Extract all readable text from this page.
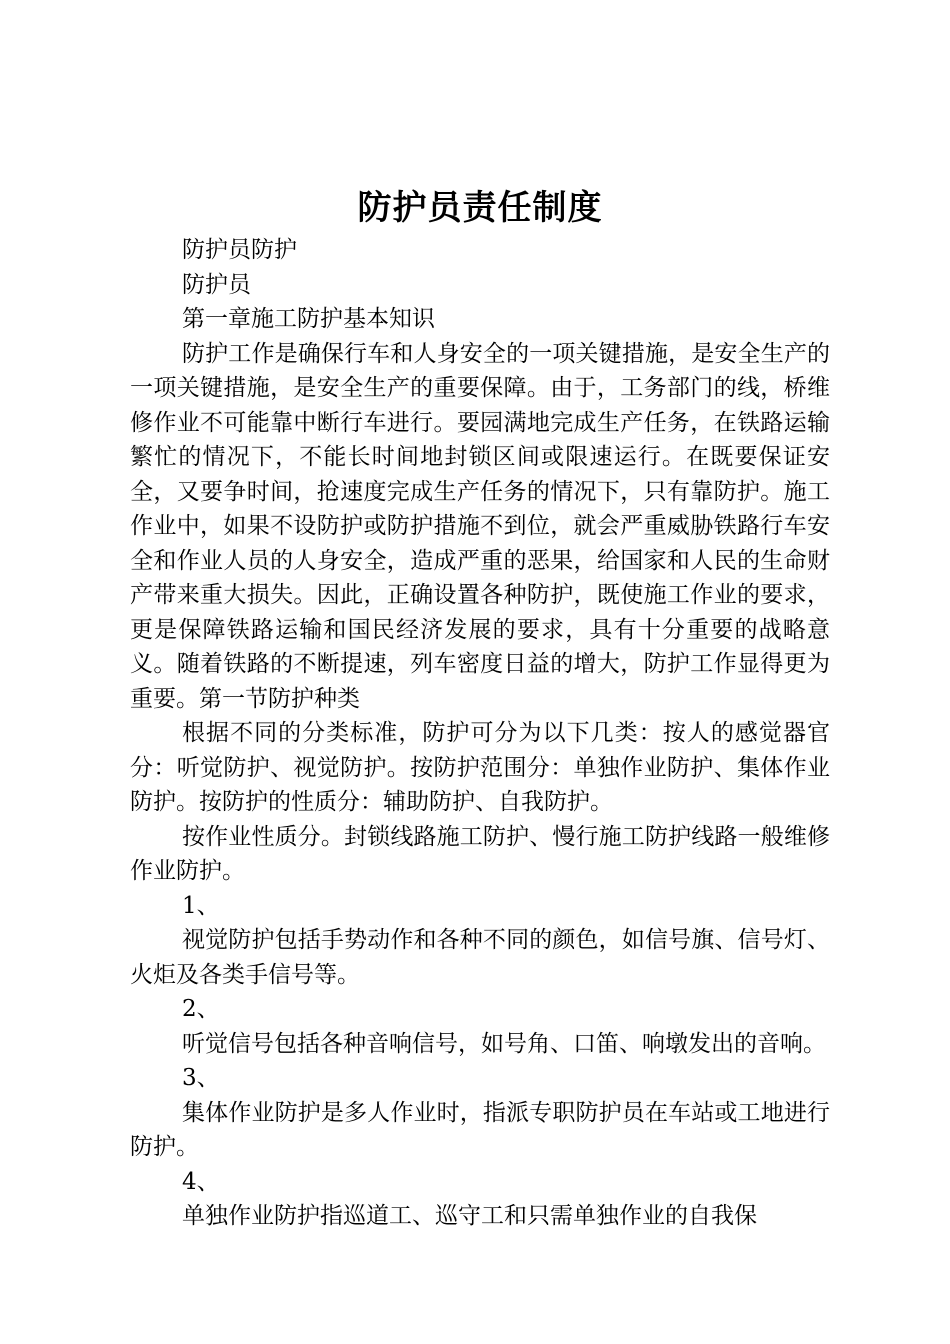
防护员责任制度

防护员防护

防护员

第一章施工防护基本知识

防护工作是确保行车和人身安全的一项关键措施，是安全生产的一项关键措施，是安全生产的重要保障。由于，工务部门的线，桥维修作业不可能靠中断行车进行。要园满地完成生产任务，在铁路运输繁忙的情况下，不能长时间地封锁区间或限速运行。在既要保证安全，又要争时间，抢速度完成生产任务的情况下，只有靠防护。施工作业中，如果不设防护或防护措施不到位，就会严重威胁铁路行车安全和作业人员的人身安全，造成严重的恶果，给国家和人民的生命财产带来重大损失。因此，正确设置各种防护，既使施工作业的要求，更是保障铁路运输和国民经济发展的要求，具有十分重要的战略意义。随着铁路的不断提速，列车密度日益的增大，防护工作显得更为重要。第一节防护种类

根据不同的分类标准，防护可分为以下几类：按人的感觉器官分：听觉防护、视觉防护。按防护范围分：单独作业防护、集体作业防护。按防护的性质分：辅助防护、自我防护。

按作业性质分。封锁线路施工防护、慢行施工防护线路一般维修作业防护。

1、

视觉防护包括手势动作和各种不同的颜色，如信号旗、信号灯、火炬及各类手信号等。

2、

听觉信号包括各种音响信号，如号角、口笛、响墩发出的音响。

3、

集体作业防护是多人作业时，指派专职防护员在车站或工地进行防护。

4、

单独作业防护指巡道工、巡守工和只需单独作业的自我保
